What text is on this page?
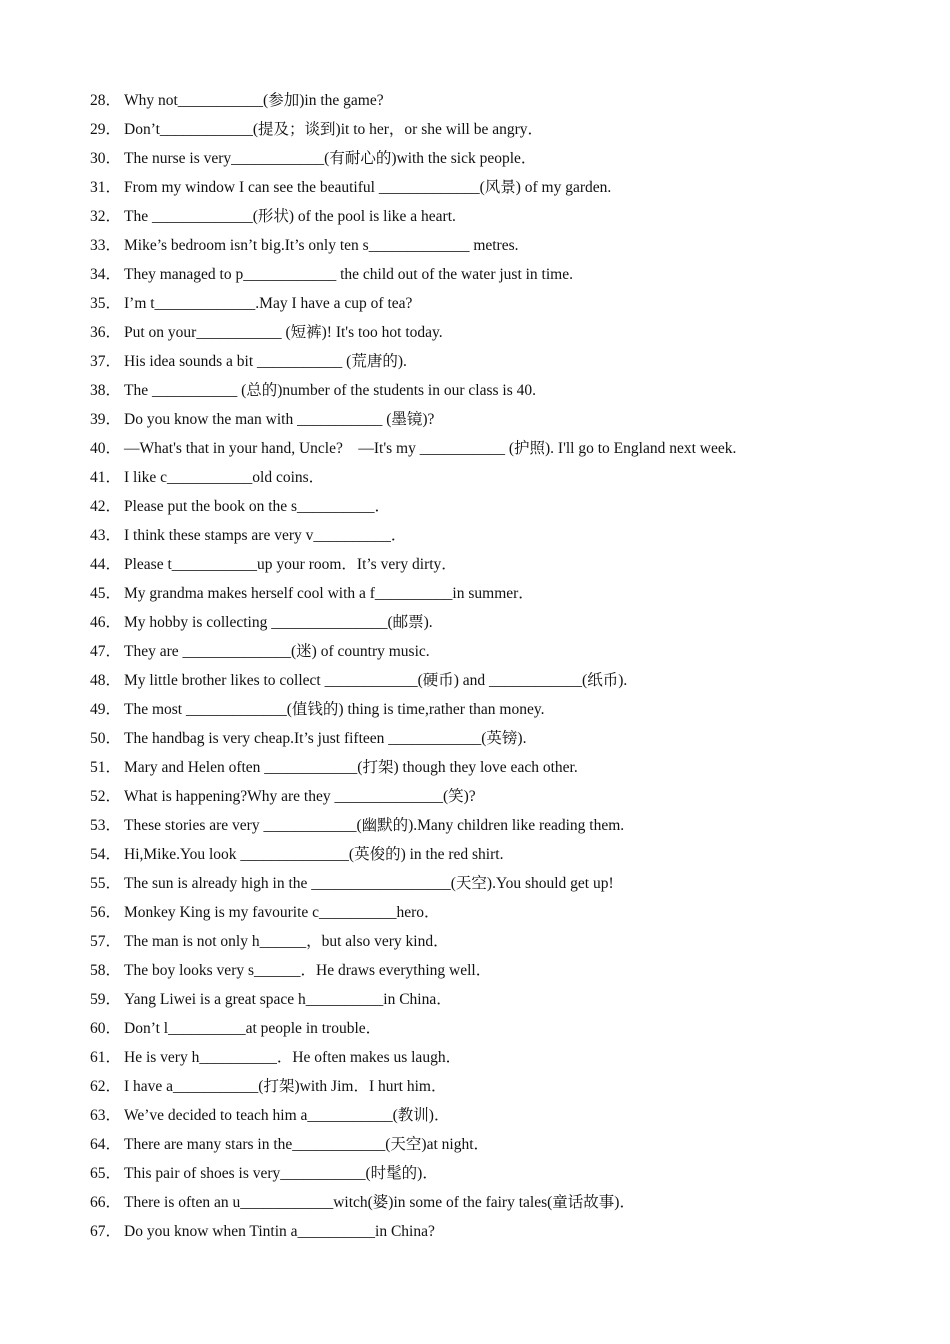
28． Why not___________(参加)in the game?
29． Don’t____________(提及；谈到)it to her，or she will be angry．
30． The nurse is very____________(有耐心的)with the sick people．
31． From my window I can see the beautiful _____________(风景) of my garden.
32． The _____________(形状) of the pool is like a heart.
33． Mike’s bedroom isn’t big.It’s only ten s_____________ metres.
34． They managed to p____________ the child out of the water just in time.
35． I’m t_____________.May I have a cup of tea?
36． Put on your___________ (短裤)! It's too hot today.
37． His idea sounds a bit ___________ (荒唐的).
38． The ___________ (总的)number of the students in our class is 40.
39． Do you know the man with ___________ (墨镜)?
40． —What's that in your hand, Uncle?    —It's my ___________ (护照). I'll go to England next week.
41． I like c___________old coins．
42． Please put the book on the s__________．
43． I think these stamps are very v__________．
44． Please t___________up your room．It’s very dirty．
45． My grandma makes herself cool with a f__________in summer．
46． My hobby is collecting _______________(邮票).
47． They are ______________(迷) of country music.
48． My little brother likes to collect ____________(硬币) and ____________(纸币).
49． The most _____________(值钱的) thing is time,rather than money.
50． The handbag is very cheap.It’s just fifteen ____________(英镑).
51． Mary and Helen often ____________(打架) though they love each other.
52． What is happening?Why are they ______________(笑)?
53． These stories are very ____________(幽默的).Many children like reading them.
54． Hi,Mike.You look ______________(英俊的) in the red shirt.
55． The sun is already high in the __________________(天空).You should get up!
56． Monkey King is my favourite c__________hero．
57． The man is not only h______，but also very kind．
58． The boy looks very s______．He draws everything well．
59． Yang Liwei is a great space h__________in China．
60． Don’t l__________at people in trouble．
61． He is very h__________．He often makes us laugh．
62． I have a___________(打架)with Jim．I hurt him．
63． We’ve decided to teach him a___________(教训)．
64． There are many stars in the____________(天空)at night．
65． This pair of shoes is very___________(时髦的)．
66． There is often an u____________witch(婆)in some of the fairy tales(童话故事)．
67． Do you know when Tintin a__________in China?
